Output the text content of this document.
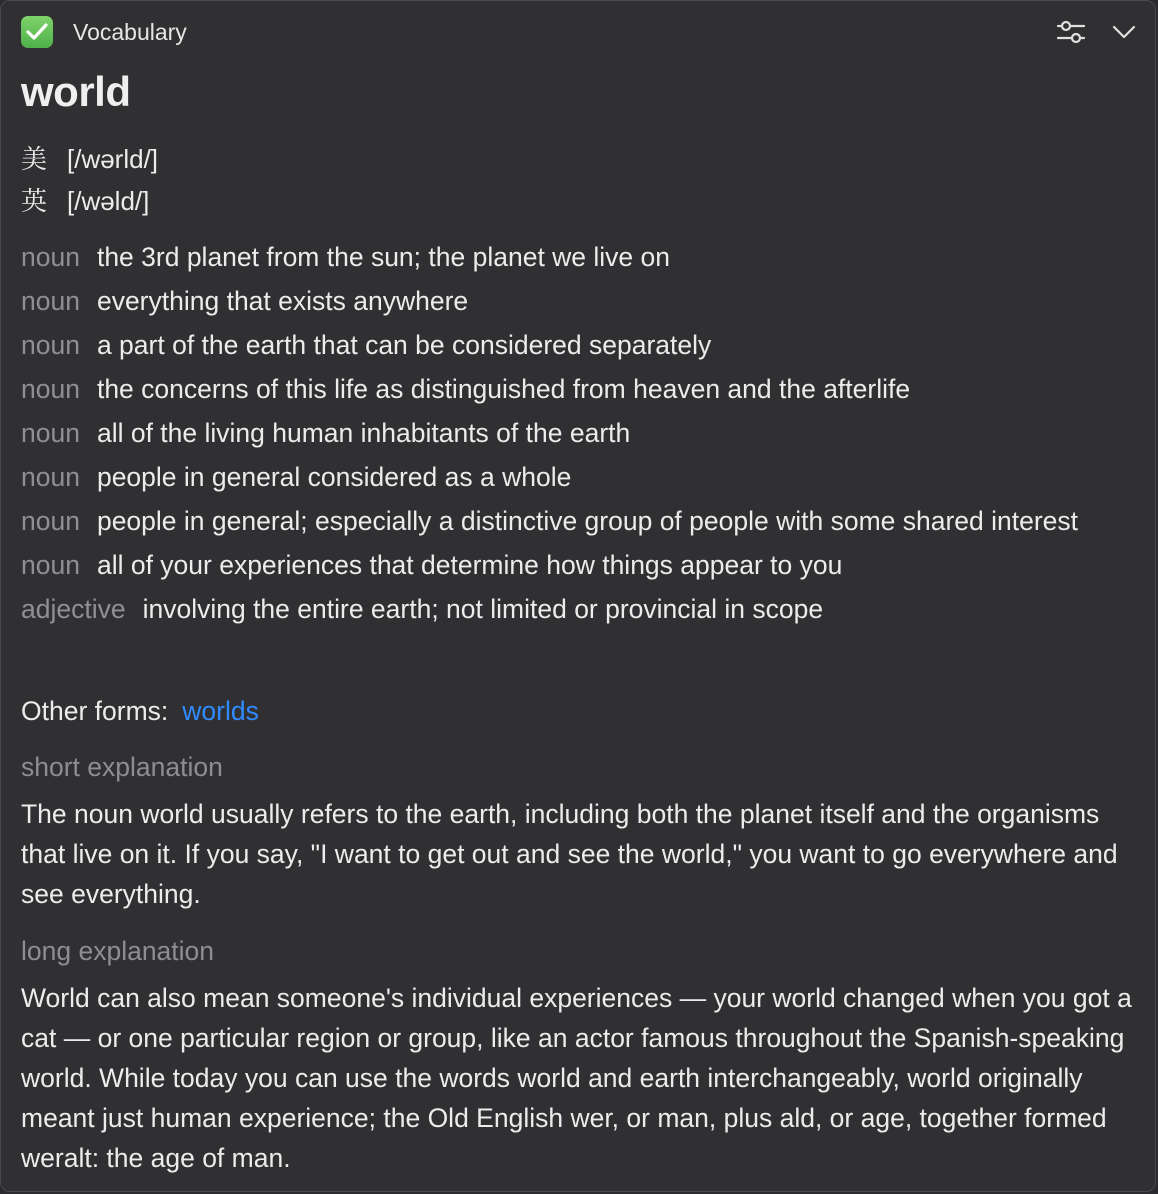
Vocabulary
world
美 [/wərld/]
英 [/wəld/]
noun the 3rd planet from the sun; the planet we live on
noun everything that exists anywhere
noun a part of the earth that can be considered separately
noun the concerns of this life as distinguished from heaven and the afterlife
noun all of the living human inhabitants of the earth
noun people in general considered as a whole
noun people in general; especially a distinctive group of people with some shared interest
noun all of your experiences that determine how things appear to you
adjective involving the entire earth; not limited or provincial in scope
Other forms: worlds
short explanation
The noun world usually refers to the earth, including both the planet itself and the organisms that live on it. If you say, "I want to get out and see the world," you want to go everywhere and see everything.
long explanation
World can also mean someone's individual experiences — your world changed when you got a cat — or one particular region or group, like an actor famous throughout the Spanish-speaking world. While today you can use the words world and earth interchangeably, world originally meant just human experience; the Old English wer, or man, plus ald, or age, together formed weralt: the age of man.
